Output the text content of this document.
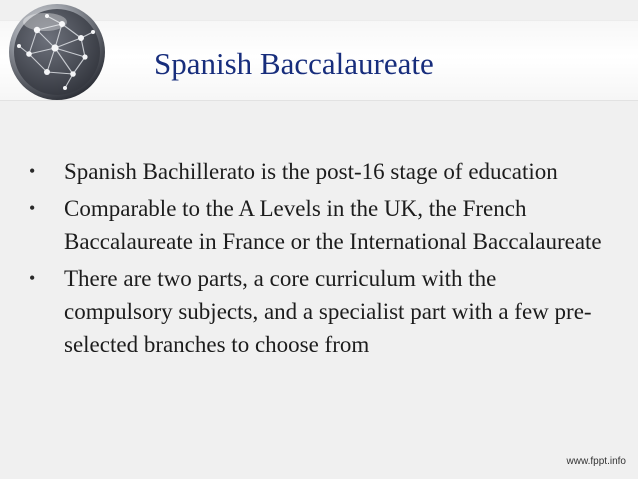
Spanish Baccalaureate
• Spanish Bachillerato is the post-16 stage of education
• Comparable to the A Levels in the UK, the French Baccalaureate in France or the International Baccalaureate
• There are two parts, a core curriculum with the compulsory subjects, and a specialist part with a few pre-selected branches to choose from
www.fppt.info
